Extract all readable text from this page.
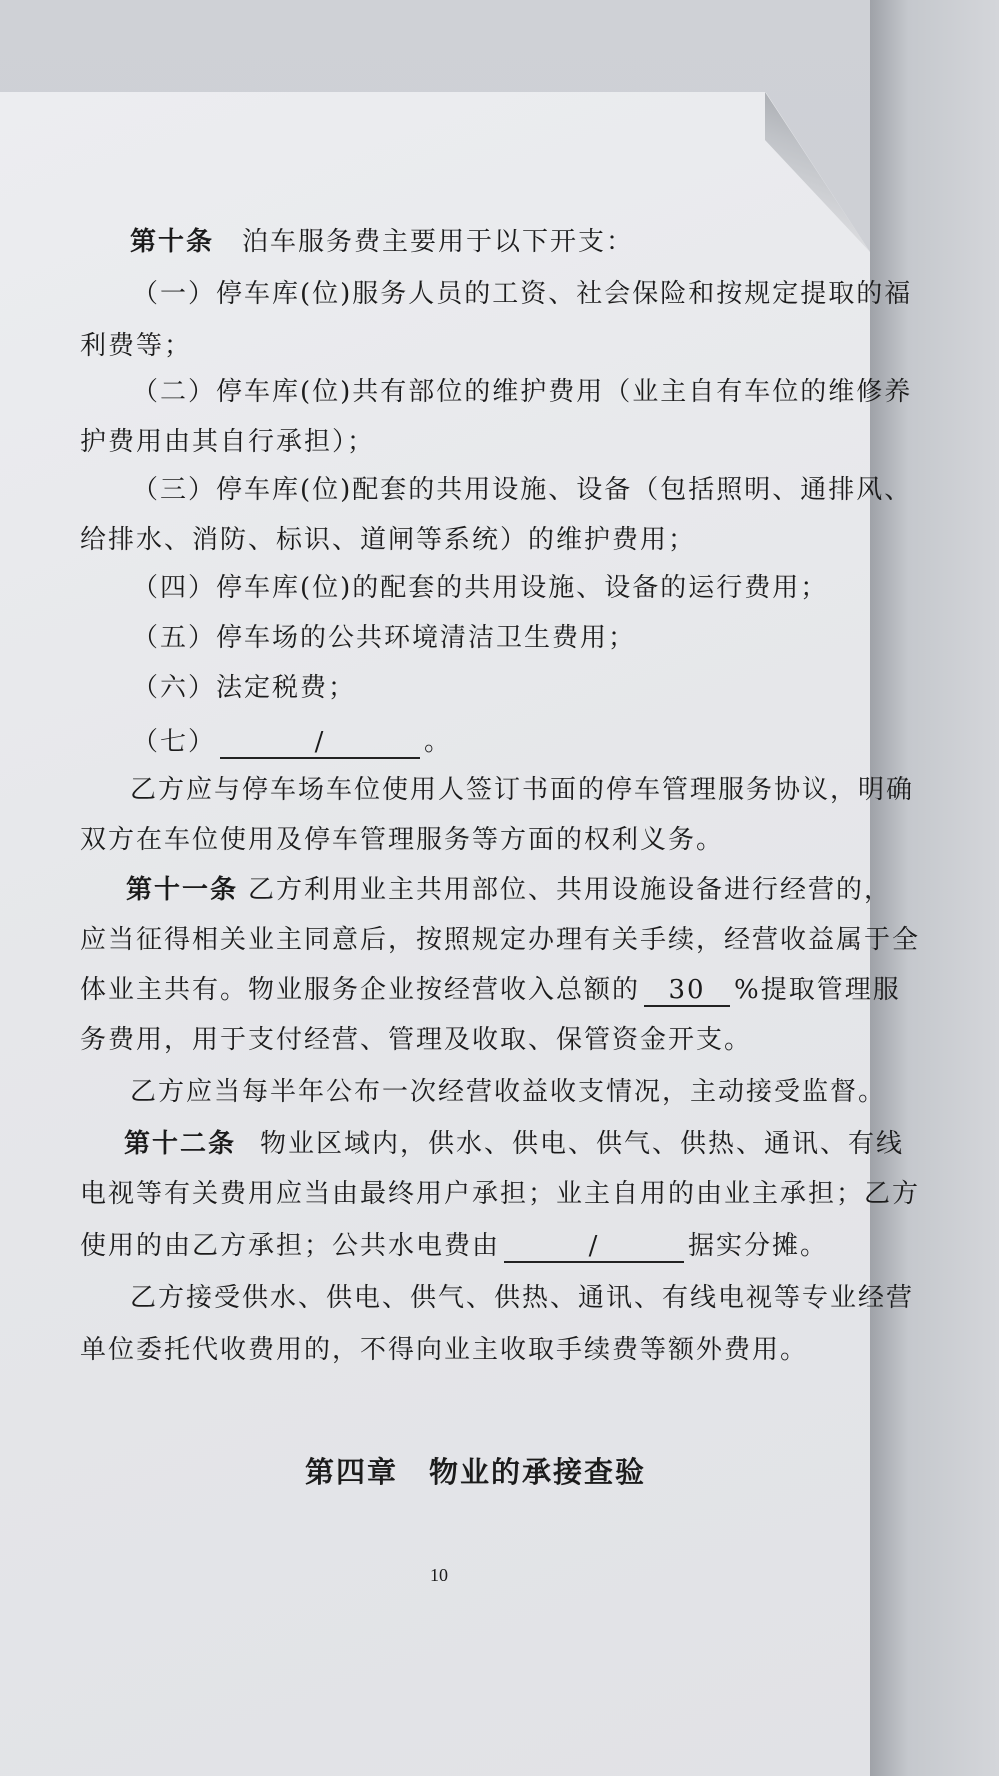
第十条 泊车服务费主要用于以下开支：
（一）停车库(位)服务人员的工资、社会保险和按规定提取的福
利费等；
（二）停车库(位)共有部位的维护费用（业主自有车位的维修养
护费用由其自行承担）；
（三）停车库(位)配套的共用设施、设备（包括照明、通排风、
给排水、消防、标识、道闸等系统）的维护费用；
（四）停车库(位)的配套的共用设施、设备的运行费用；
（五）停车场的公共环境清洁卫生费用；
（六）法定税费；
（七）	/	。
乙方应与停车场车位使用人签订书面的停车管理服务协议，明确
双方在车位使用及停车管理服务等方面的权利义务。
第十一条 乙方利用业主共用部位、共用设施设备进行经营的，
应当征得相关业主同意后，按照规定办理有关手续，经营收益属于全
体业主共有。物业服务企业按经营收入总额的 30 %提取管理服
务费用，用于支付经营、管理及收取、保管资金开支。
乙方应当每半年公布一次经营收益收支情况，主动接受监督。
第十二条 物业区域内，供水、供电、供气、供热、通讯、有线
电视等有关费用应当由最终用户承担；业主自用的由业主承担；乙方
使用的由乙方承担；公共水电费由	/	据实分摊。
乙方接受供水、供电、供气、供热、通讯、有线电视等专业经营
单位委托代收费用的，不得向业主收取手续费等额外费用。
第四章　物业的承接查验
10
